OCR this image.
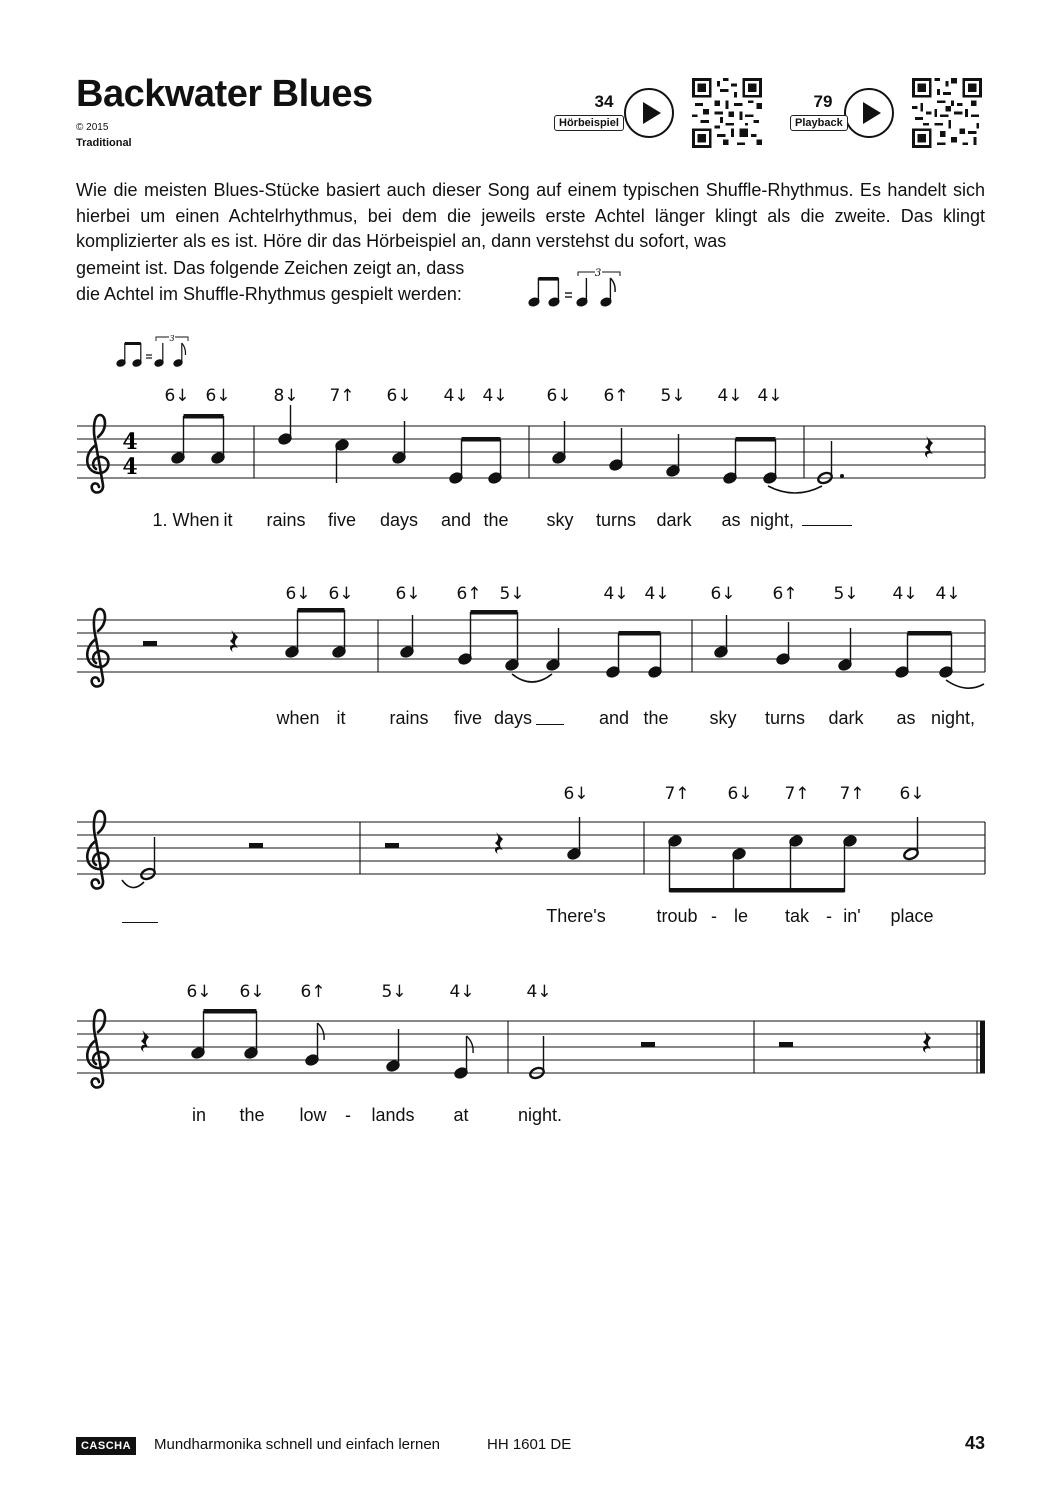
Backwater Blues
© 2015
Traditional
34
Hörbeispiel
79
Playback

Wie die meisten Blues-Stücke basiert auch dieser Song auf einem typischen Shuffle-Rhythmus. Es handelt sich hierbei um einen Achtelrhythmus, bei dem die jeweils erste Achtel länger klingt als die zweite. Das klingt komplizierter als es ist. Höre dir das Hörbeispiel an, dann verstehst du sofort, was

gemeint ist. Das folgende Zeichen zeigt an, dass
die Achtel im Shuffle-Rhythmus gespielt werden:
3
3
6↓ 6↓	8↓ 7↑ 6↓ 4↓ 4↓ 6↓ 6↑ 5↓ 4↓ 4↓
4
4
1. When it rains five days and the sky turns dark as night,
6↓ 6↓ 6↓ 6↑ 5↓	4↓ 4↓ 6↓ 6↑ 5↓ 4↓ 4↓
when it rains five days	and the sky turns dark as night,
6↓	7↑ 6↓ 7↑ 7↑ 6↓
There's	troub - le tak - in' place
6↓ 6↓ 6↑	5↓	4↓	4↓
in the low - lands at	night.
CASCHA	Mundharmonika schnell und einfach lernen	HH 1601 DE	43
